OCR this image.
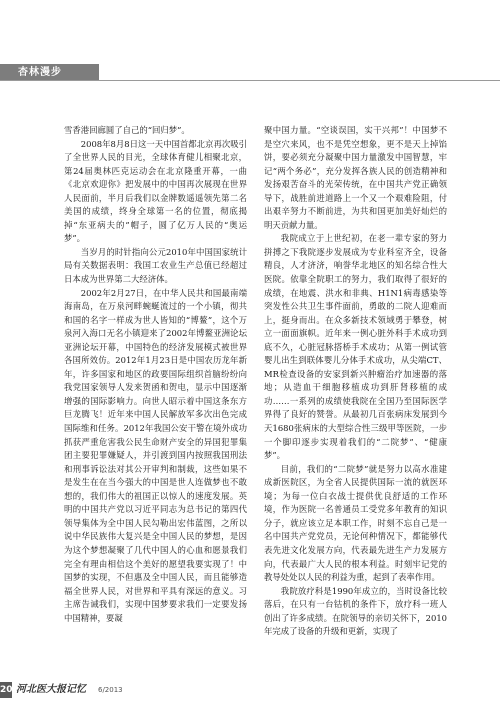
杏林漫步

雪香港回廊圆了自己的“回归梦”。

2008年8月8日这一天中国首都北京再次吸引了全世界人民的目光，全球体育健儿相聚北京，第24届奥林匹克运动会在北京隆重开幕，一曲《北京欢迎你》把发展中的中国再次展现在世界人民面前，半月后我们以金牌数遥遥领先第二名美国的成绩，终身全球第一名的位置，彻底揭掉“东亚病夫的”帽子，圆了亿万人民的“奥运梦”。

当岁月的时针指向公元2010年中国国家统计局有关数据表明：我国工农业生产总值已经超过日本成为世界第二大经济体。

2002年2月27日，在中华人民共和国最南端海南岛，在万泉河畔蜿蜒流过的一个小镇，彻共和国的名字一样成为世人皆知的“博鳌”，这个万泉河入海口无名小镇迎来了2002年博鳌亚洲论坛亚洲论坛开幕，中国特色的经济发展模式被世界各国所效仿。2012年1月23日是中国农历龙年新年，许多国家和地区的政要国际组织首脑纷纷向我党国家领导人发来贺函和贺电，显示中国逐渐增强的国际影响力。向世人昭示着中国这条东方巨龙腾飞！近年来中国人民解放军多次出色完成国际维和任务。2012年我国公安干警在境外成功抓获严重危害我公民生命财产安全的异国犯罪集团主要犯罪嫌疑人，并引渡到国内按照我国刑法和刑事诉讼法对其公开审判和制裁，这些如果不是发生在在当今强大的中国是世人连做梦也不敢想的，我们伟大的祖国正以惊人的速度发展。英明的中国共产党以习近平同志为总书记的第四代领导集体为全中国人民勾勒出宏伟蓝图，之所以说中华民族伟大复兴是全中国人民的梦想，是因为这个梦想凝聚了几代中国人的心血和愿景我们完全有理由相信这个美好的愿望我要实现了！中国梦的实现，不但惠及全中国人民，而且能够造福全世界人民，对世界和平具有深远的意义。习主席告诫我们，实现中国梦要求我们一定要发扬中国精神，要凝

聚中国力量。“空谈误国，实干兴邦”！中国梦不是空穴来风，也不是凭空想象，更不是天上掉馅饼，要必须充分凝聚中国力量激发中国智慧，牢记“两个务必”，充分发挥各族人民的创造精神和发扬艰苦奋斗的光荣传统，在中国共产党正确领导下，战胜前进道路上一个又一个艰难险阻，付出艰辛努力不断前进，为共和国更加美好灿烂的明天贡献力量。

我院成立于上世纪初，在老一辈专家的努力拼搏之下我院逐步发展成为专业科室齐全，设备精良，人才济济，响誉华北地区的知名综合性大医院。依靠全院职工的努力，我们取得了很好的成绩，在地震、洪水和非典、H1N1病毒感染等突发性公共卫生事件面前，勇敢的二院人迎难而上，挺身而出。在众多新技术领域勇于攀登，树立一面面旗帜。近年来一例心脏外科手术成功到底不久，心脏冠脉搭桥手术成功；从第一例试管婴儿出生到联体婴儿分体手术成功，从尖端CT、MR检查设备的安家到新兴肿瘤治疗加速器的落地；从造血干细胞移植成功到肝肾移植的成功……一系列的成绩使我院在全国乃至国际医学界得了良好的赞誉。从最初几百张病床发展到今天1680张病床的大型综合性三级甲等医院，一步一个脚印逐步实现着我们的“二院梦”、“健康梦”。

目前，我们的“二院梦”就是努力以高水准建成新医院区，为全省人民提供国际一流的就医环境；为每一位白衣战士提供优良舒适的工作环境，作为医院一名普通员工受党多年教育的知识分子，就应该立足本职工作，时刻不忘自己是一名中国共产党党员，无论何种情况下，都能够代表先进文化发展方向，代表最先进生产力发展方向，代表最广大人民的根本利益。时刻牢记党的教导处处以人民的利益为重，起到了表率作用。

我院放疗科是1990年成立的，当时设备比较落后，在只有一台钴机的条件下，放疗科一班人创出了许多成绩。在院领导的亲切关怀下，2010年完成了设备的升级和更新，实现了

20 河北医大报记忆 6/2013
